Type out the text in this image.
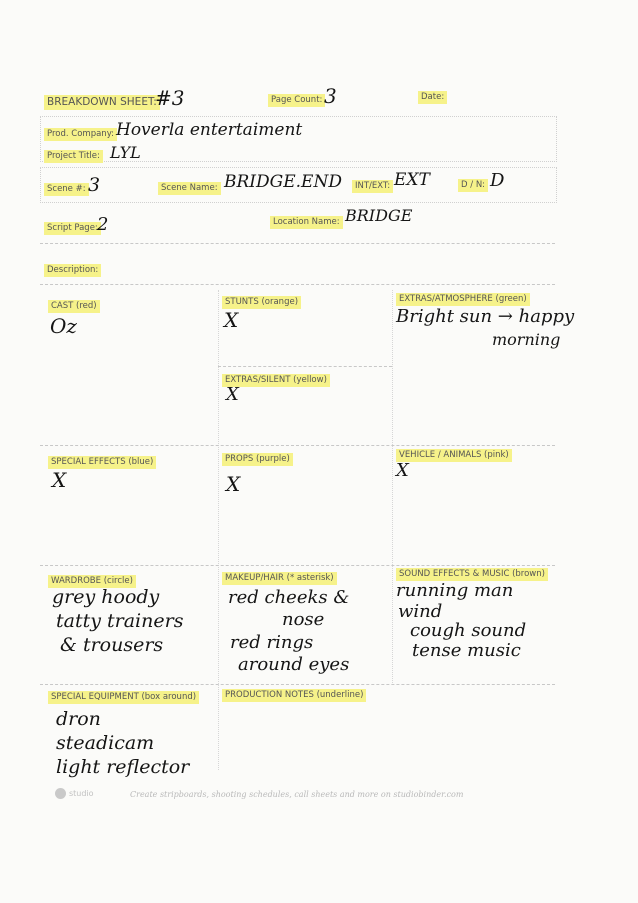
BREAKDOWN SHEET:
#3	Page Count: 3	Date:
Prod. Company: Hoverla entertaiment
Project Title: LYL
Scene #: 3	Scene Name: BRIDGE.END	INT/EXT: EXT	D / N: D
Script Page: 2	Location Name: BRIDGE
Description:
CAST (red)
Oz
STUNTS (orange)
X
EXTRAS/ATMOSPHERE (green)
Bright sun → happy
morning
EXTRAS/SILENT (yellow)
X
SPECIAL EFFECTS (blue)
X
PROPS (purple)
X
VEHICLE / ANIMALS (pink)
X
WARDROBE (circle)
grey hoody
tatty trainers
& trousers
MAKEUP/HAIR (* asterisk)
red cheeks &
nose
red rings
around eyes
SOUND EFFECTS & MUSIC (brown)
running man
wind
cough sound
tense music
SPECIAL EQUIPMENT (box around)
dron
steadicam
light reflector
PRODUCTION NOTES (underline)
studio	Create stripboards, shooting schedules, call sheets and more on studiobinder.com
